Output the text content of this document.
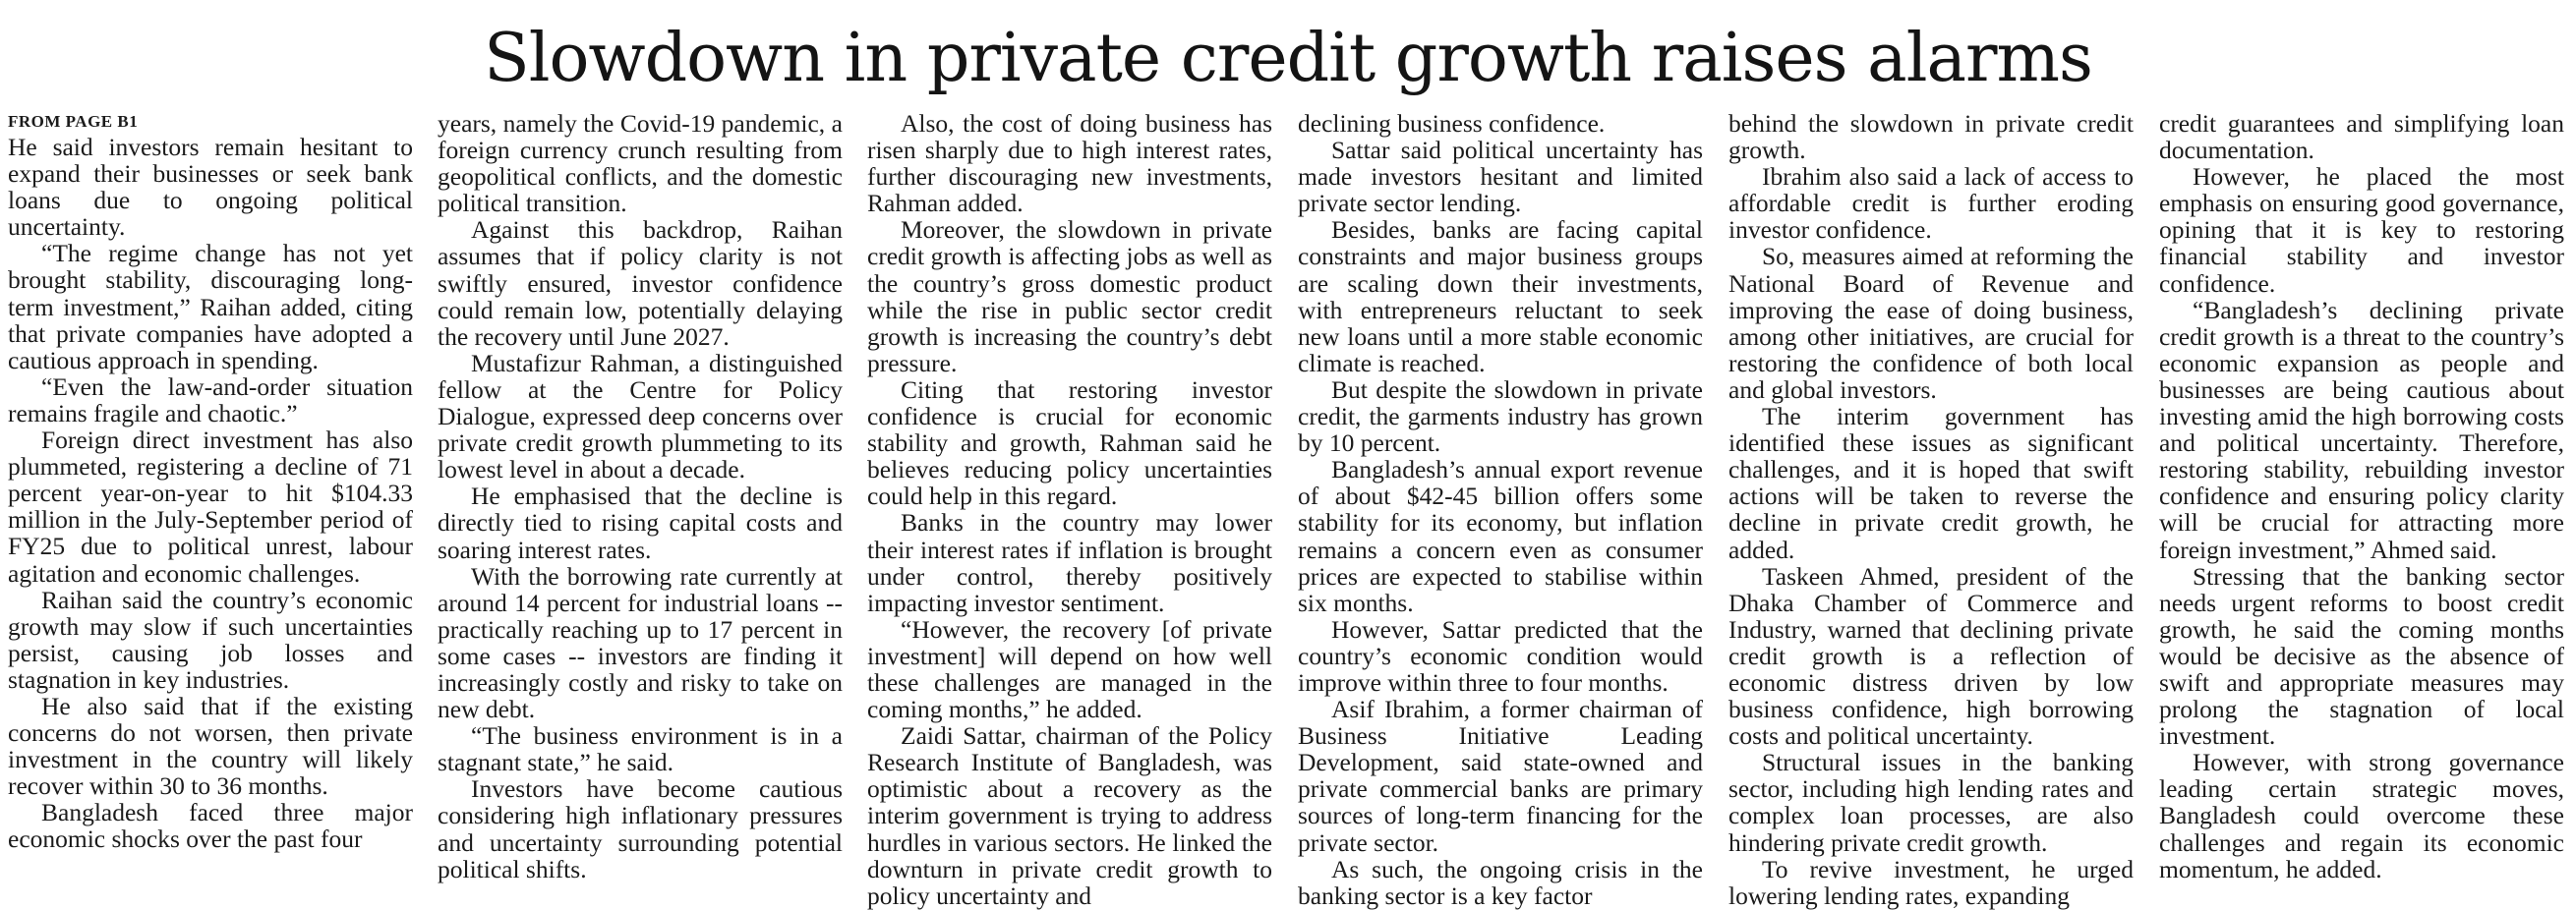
Slowdown in private credit growth raises alarms
FROM PAGE B1

He said investors remain hesitant to expand their businesses or seek bank loans due to ongoing political uncertainty.

“The regime change has not yet brought stability, discouraging long-term investment,” Raihan added, citing that private companies have adopted a cautious approach in spending.

“Even the law-and-order situation remains fragile and chaotic.”

Foreign direct investment has also plummeted, registering a decline of 71 percent year-on-year to hit $104.33 million in the July-September period of FY25 due to political unrest, labour agitation and economic challenges.

Raihan said the country’s economic growth may slow if such uncertainties persist, causing job losses and stagnation in key industries.

He also said that if the existing concerns do not worsen, then private investment in the country will likely recover within 30 to 36 months.

Bangladesh faced three major economic shocks over the past four

years, namely the Covid-19 pandemic, a foreign currency crunch resulting from geopolitical conflicts, and the domestic political transition.

Against this backdrop, Raihan assumes that if policy clarity is not swiftly ensured, investor confidence could remain low, potentially delaying the recovery until June 2027.

Mustafizur Rahman, a distinguished fellow at the Centre for Policy Dialogue, expressed deep concerns over private credit growth plummeting to its lowest level in about a decade.

He emphasised that the decline is directly tied to rising capital costs and soaring interest rates.

With the borrowing rate currently at around 14 percent for industrial loans -- practically reaching up to 17 percent in some cases -- investors are finding it increasingly costly and risky to take on new debt.

“The business environment is in a stagnant state,” he said.

Investors have become cautious considering high inflationary pressures and uncertainty surrounding potential political shifts.

Also, the cost of doing business has risen sharply due to high interest rates, further discouraging new investments, Rahman added.

Moreover, the slowdown in private credit growth is affecting jobs as well as the country’s gross domestic product while the rise in public sector credit growth is increasing the country’s debt pressure.

Citing that restoring investor confidence is crucial for economic stability and growth, Rahman said he believes reducing policy uncertainties could help in this regard.

Banks in the country may lower their interest rates if inflation is brought under control, thereby positively impacting investor sentiment.

“However, the recovery [of private investment] will depend on how well these challenges are managed in the coming months,” he added.

Zaidi Sattar, chairman of the Policy Research Institute of Bangladesh, was optimistic about a recovery as the interim government is trying to address hurdles in various sectors. He linked the downturn in private credit growth to policy uncertainty and

declining business confidence.

Sattar said political uncertainty has made investors hesitant and limited private sector lending.

Besides, banks are facing capital constraints and major business groups are scaling down their investments, with entrepreneurs reluctant to seek new loans until a more stable economic climate is reached.

But despite the slowdown in private credit, the garments industry has grown by 10 percent.

Bangladesh’s annual export revenue of about $42-45 billion offers some stability for its economy, but inflation remains a concern even as consumer prices are expected to stabilise within six months.

However, Sattar predicted that the country’s economic condition would improve within three to four months.

Asif Ibrahim, a former chairman of Business Initiative Leading Development, said state-owned and private commercial banks are primary sources of long-term financing for the private sector.

As such, the ongoing crisis in the banking sector is a key factor

behind the slowdown in private credit growth.

Ibrahim also said a lack of access to affordable credit is further eroding investor confidence.

So, measures aimed at reforming the National Board of Revenue and improving the ease of doing business, among other initiatives, are crucial for restoring the confidence of both local and global investors.

The interim government has identified these issues as significant challenges, and it is hoped that swift actions will be taken to reverse the decline in private credit growth, he added.

Taskeen Ahmed, president of the Dhaka Chamber of Commerce and Industry, warned that declining private credit growth is a reflection of economic distress driven by low business confidence, high borrowing costs and political uncertainty.

Structural issues in the banking sector, including high lending rates and complex loan processes, are also hindering private credit growth.

To revive investment, he urged lowering lending rates, expanding

credit guarantees and simplifying loan documentation.

However, he placed the most emphasis on ensuring good governance, opining that it is key to restoring financial stability and investor confidence.

“Bangladesh’s declining private credit growth is a threat to the country’s economic expansion as people and businesses are being cautious about investing amid the high borrowing costs and political uncertainty. Therefore, restoring stability, rebuilding investor confidence and ensuring policy clarity will be crucial for attracting more foreign investment,” Ahmed said.

Stressing that the banking sector needs urgent reforms to boost credit growth, he said the coming months would be decisive as the absence of swift and appropriate measures may prolong the stagnation of local investment.

However, with strong governance leading certain strategic moves, Bangladesh could overcome these challenges and regain its economic momentum, he added.
